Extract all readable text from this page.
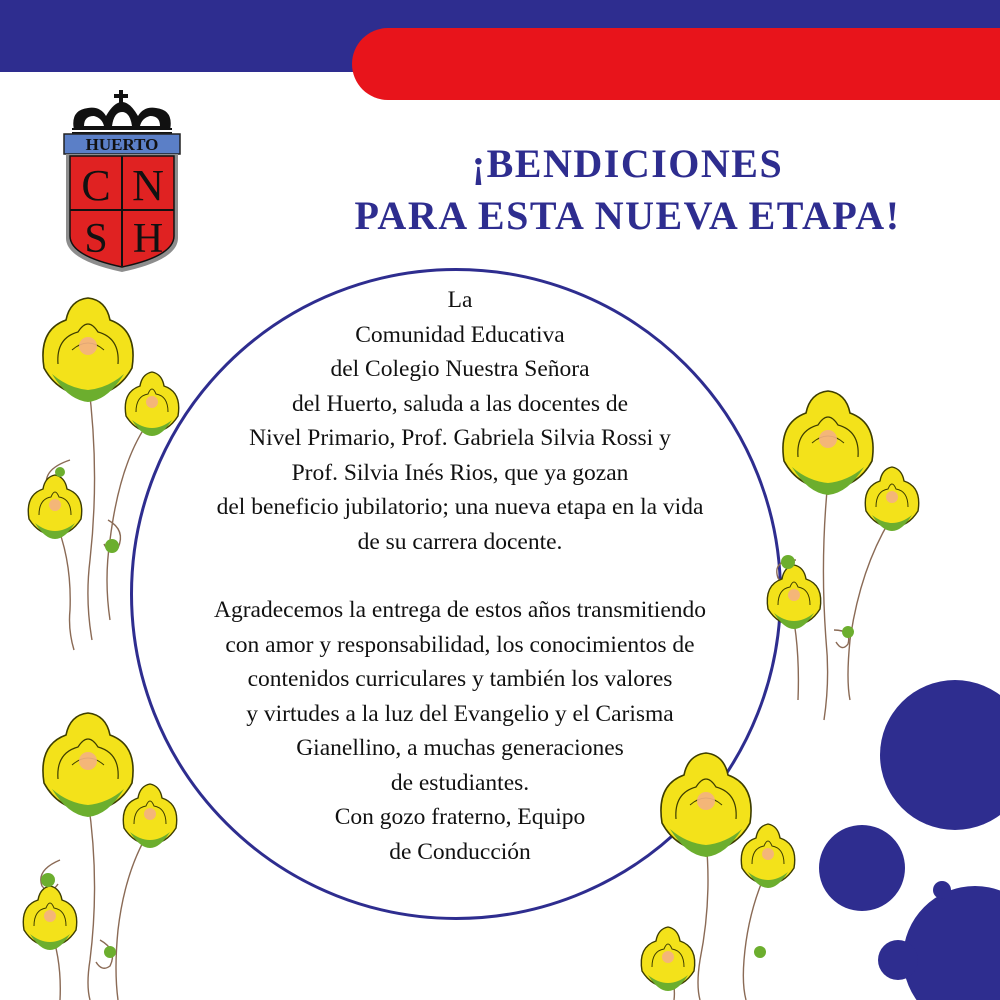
HUERTO
C N
S H
¡BENDICIONES
PARA ESTA NUEVA ETAPA!
La
Comunidad Educativa
del Colegio Nuestra Señora
del Huerto, saluda a las docentes de
Nivel Primario, Prof. Gabriela Silvia Rossi y
Prof. Silvia Inés Rios, que ya gozan
del beneficio jubilatorio; una nueva etapa en la vida
de su carrera docente.
Agradecemos la entrega de estos años transmitiendo
con amor y responsabilidad, los conocimientos de
contenidos curriculares y también los valores
y virtudes a la luz del Evangelio y el Carisma
Gianellino, a muchas generaciones
de estudiantes.
Con gozo fraterno, Equipo
de Conducción
